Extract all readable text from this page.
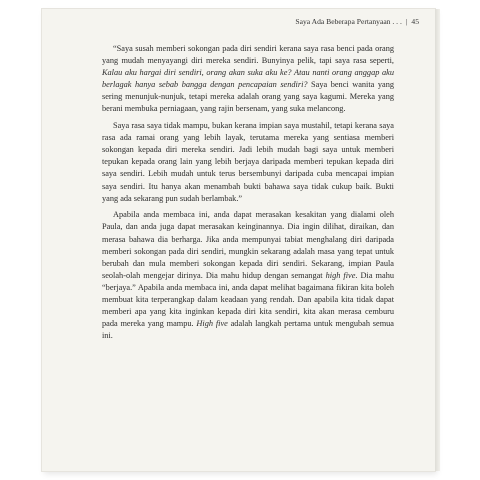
Saya Ada Beberapa Pertanyaan . . . | 45

“Saya susah memberi sokongan pada diri sendiri kerana saya rasa benci pada orang yang mudah menyayangi diri mereka sendiri. Bunyinya pelik, tapi saya rasa seperti, Kalau aku hargai diri sendiri, orang akan suka aku ke? Atau nanti orang anggap aku berlagak hanya sebab bangga dengan pencapaian sendiri? Saya benci wanita yang sering menunjuk-nunjuk, tetapi mereka adalah orang yang saya kagumi. Mereka yang berani membuka perniagaan, yang rajin bersenam, yang suka melancong.

Saya rasa saya tidak mampu, bukan kerana impian saya mustahil, tetapi kerana saya rasa ada ramai orang yang lebih layak, terutama mereka yang sentiasa memberi sokongan kepada diri mereka sendiri. Jadi lebih mudah bagi saya untuk memberi tepukan kepada orang lain yang lebih berjaya daripada memberi tepukan kepada diri saya sendiri. Lebih mudah untuk terus bersembunyi daripada cuba mencapai impian saya sendiri. Itu hanya akan menambah bukti bahawa saya tidak cukup baik. Bukti yang ada sekarang pun sudah berlambak.”

Apabila anda membaca ini, anda dapat merasakan kesakitan yang dialami oleh Paula, dan anda juga dapat merasakan keinginannya. Dia ingin dilihat, diraikan, dan merasa bahawa dia berharga. Jika anda mempunyai tabiat menghalang diri daripada memberi sokongan pada diri sendiri, mungkin sekarang adalah masa yang tepat untuk berubah dan mula memberi sokongan kepada diri sendiri. Sekarang, impian Paula seolah-olah mengejar dirinya. Dia mahu hidup dengan semangat high five. Dia mahu “berjaya.” Apabila anda membaca ini, anda dapat melihat bagaimana fikiran kita boleh membuat kita terperangkap dalam keadaan yang rendah. Dan apabila kita tidak dapat memberi apa yang kita inginkan kepada diri kita sendiri, kita akan merasa cemburu pada mereka yang mampu. High five adalah langkah pertama untuk mengubah semua ini.
